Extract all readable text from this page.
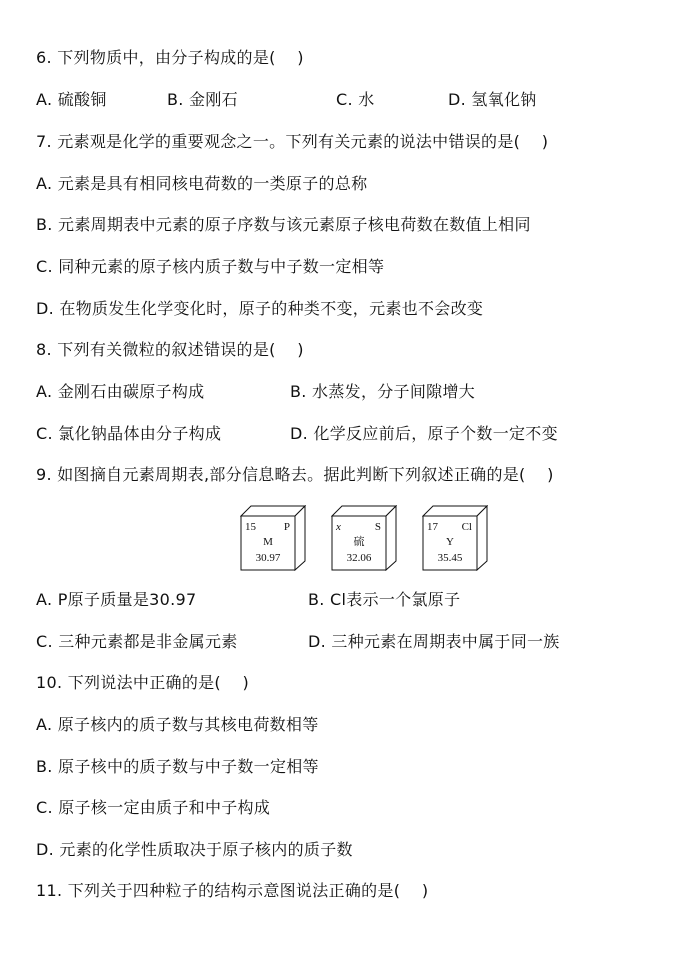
6. 下列物质中，由分子构成的是(    )
A. 硫酸铜	B. 金刚石	C. 水	D. 氢氧化钠
7. 元素观是化学的重要观念之一。下列有关元素的说法中错误的是(    )
A. 元素是具有相同核电荷数的一类原子的总称
B. 元素周期表中元素的原子序数与该元素原子核电荷数在数值上相同
C. 同种元素的原子核内质子数与中子数一定相等
D. 在物质发生化学变化时，原子的种类不变，元素也不会改变
8. 下列有关微粒的叙述错误的是(    )
A. 金刚石由碳原子构成	B. 水蒸发，分子间隙增大
C. 氯化钠晶体由分子构成	D. 化学反应前后，原子个数一定不变
9. 如图摘自元素周期表,部分信息略去。据此判断下列叙述正确的是(    )
15	P
M
30.97
x	S
硫
32.06
17 Cl
Y
35.45
A. P原子质量是30.97	B. Cl表示一个氯原子
C. 三种元素都是非金属元素	D. 三种元素在周期表中属于同一族
10. 下列说法中正确的是(    )
A. 原子核内的质子数与其核电荷数相等
B. 原子核中的质子数与中子数一定相等
C. 原子核一定由质子和中子构成
D. 元素的化学性质取决于原子核内的质子数
11. 下列关于四种粒子的结构示意图说法正确的是(    )
